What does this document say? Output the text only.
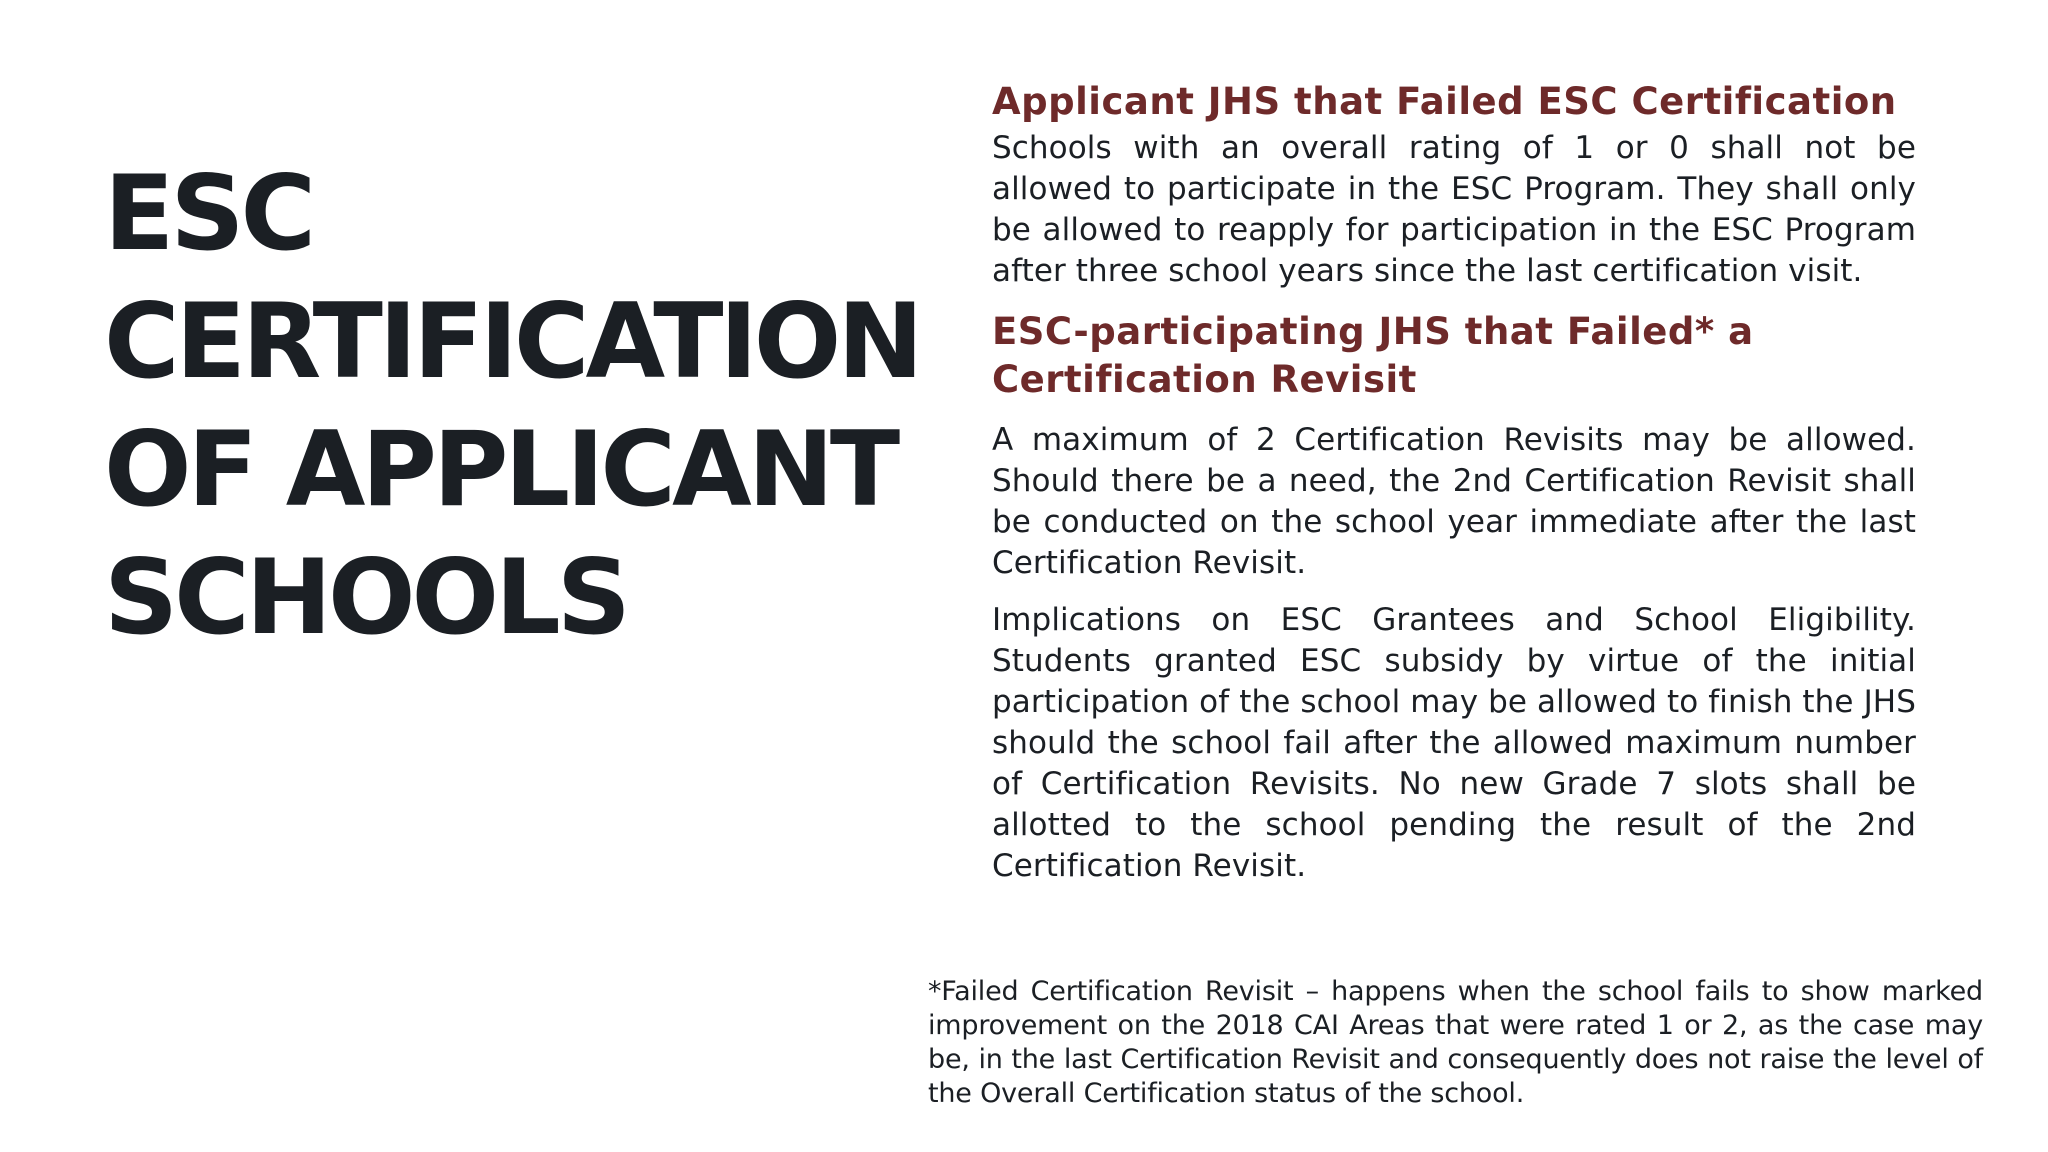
ESC
CERTIFICATION
OF APPLICANT
SCHOOLS
Applicant JHS that Failed ESC Certification

Schools with an overall rating of 1 or 0 shall not be allowed to participate in the ESC Program. They shall only be allowed to reapply for participation in the ESC Program after three school years since the last certification visit.

ESC-participating JHS that Failed* a Certification Revisit

A maximum of 2 Certification Revisits may be allowed. Should there be a need, the 2nd Certification Revisit shall be conducted on the school year immediate after the last Certification Revisit.

Implications on ESC Grantees and School Eligibility. Students granted ESC subsidy by virtue of the initial participation of the school may be allowed to finish the JHS should the school fail after the allowed maximum number of Certification Revisits. No new Grade 7 slots shall be allotted to the school pending the result of the 2nd Certification Revisit.

*Failed Certification Revisit – happens when the school fails to show marked improvement on the 2018 CAI Areas that were rated 1 or 2, as the case may be, in the last Certification Revisit and consequently does not raise the level of the Overall Certification status of the school.
